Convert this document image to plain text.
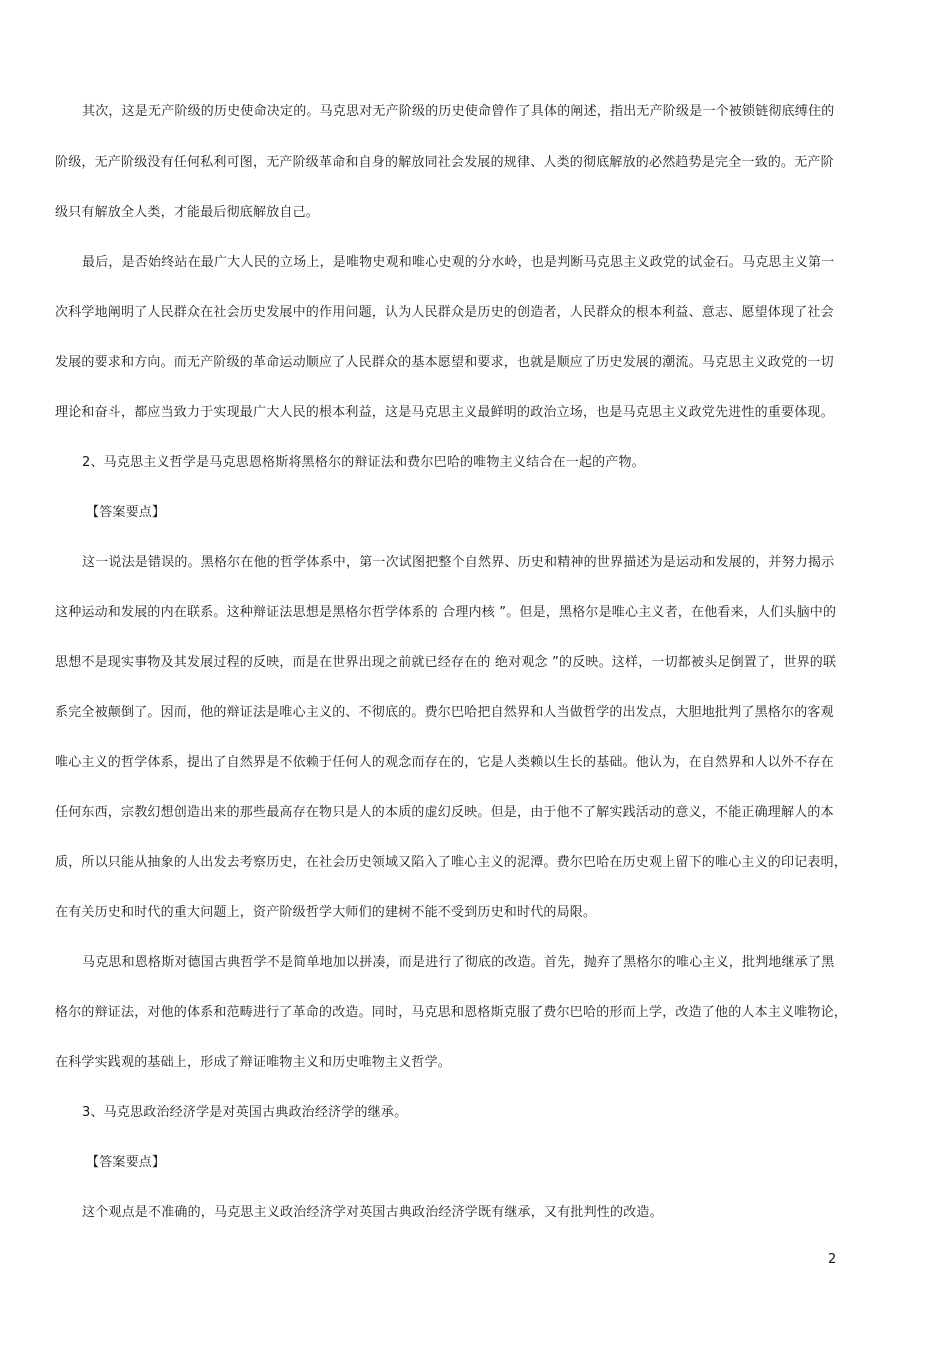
其次，这是无产阶级的历史使命决定的。马克思对无产阶级的历史使命曾作了具体的阐述，指出无产阶级是一个被锁链彻底缚住的
阶级，无产阶级没有任何私利可图，无产阶级革命和自身的解放同社会发展的规律、人类的彻底解放的必然趋势是完全一致的。无产阶
级只有解放全人类，才能最后彻底解放自己。
最后，是否始终站在最广大人民的立场上，是唯物史观和唯心史观的分水岭，也是判断马克思主义政党的试金石。马克思主义第一
次科学地阐明了人民群众在社会历史发展中的作用问题，认为人民群众是历史的创造者，人民群众的根本利益、意志、愿望体现了社会
发展的要求和方向。而无产阶级的革命运动顺应了人民群众的基本愿望和要求，也就是顺应了历史发展的潮流。马克思主义政党的一切
理论和奋斗，都应当致力于实现最广大人民的根本利益，这是马克思主义最鲜明的政治立场，也是马克思主义政党先进性的重要体现。
2、马克思主义哲学是马克思恩格斯将黑格尔的辩证法和费尔巴哈的唯物主义结合在一起的产物。
【答案要点】
这一说法是错误的。黑格尔在他的哲学体系中，第一次试图把整个自然界、历史和精神的世界描述为是运动和发展的，并努力揭示
这种运动和发展的内在联系。这种辩证法思想是黑格尔哲学体系的 合理内核 ”。但是，黑格尔是唯心主义者，在他看来，人们头脑中的
思想不是现实事物及其发展过程的反映，而是在世界出现之前就已经存在的 绝对观念 ”的反映。这样，一切都被头足倒置了，世界的联
系完全被颠倒了。因而，他的辩证法是唯心主义的、不彻底的。费尔巴哈把自然界和人当做哲学的出发点，大胆地批判了黑格尔的客观
唯心主义的哲学体系，提出了自然界是不依赖于任何人的观念而存在的，它是人类赖以生长的基础。他认为，在自然界和人以外不存在
任何东西，宗教幻想创造出来的那些最高存在物只是人的本质的虚幻反映。但是，由于他不了解实践活动的意义，不能正确理解人的本
质，所以只能从抽象的人出发去考察历史，在社会历史领域又陷入了唯心主义的泥潭。费尔巴哈在历史观上留下的唯心主义的印记表明，
在有关历史和时代的重大问题上，资产阶级哲学大师们的建树不能不受到历史和时代的局限。
马克思和恩格斯对德国古典哲学不是简单地加以拼凑，而是进行了彻底的改造。首先，抛弃了黑格尔的唯心主义，批判地继承了黑
格尔的辩证法，对他的体系和范畴进行了革命的改造。同时，马克思和恩格斯克服了费尔巴哈的形而上学，改造了他的人本主义唯物论，
在科学实践观的基础上，形成了辩证唯物主义和历史唯物主义哲学。
3、马克思政治经济学是对英国古典政治经济学的继承。
【答案要点】
这个观点是不准确的，马克思主义政治经济学对英国古典政治经济学既有继承，又有批判性的改造。
2
